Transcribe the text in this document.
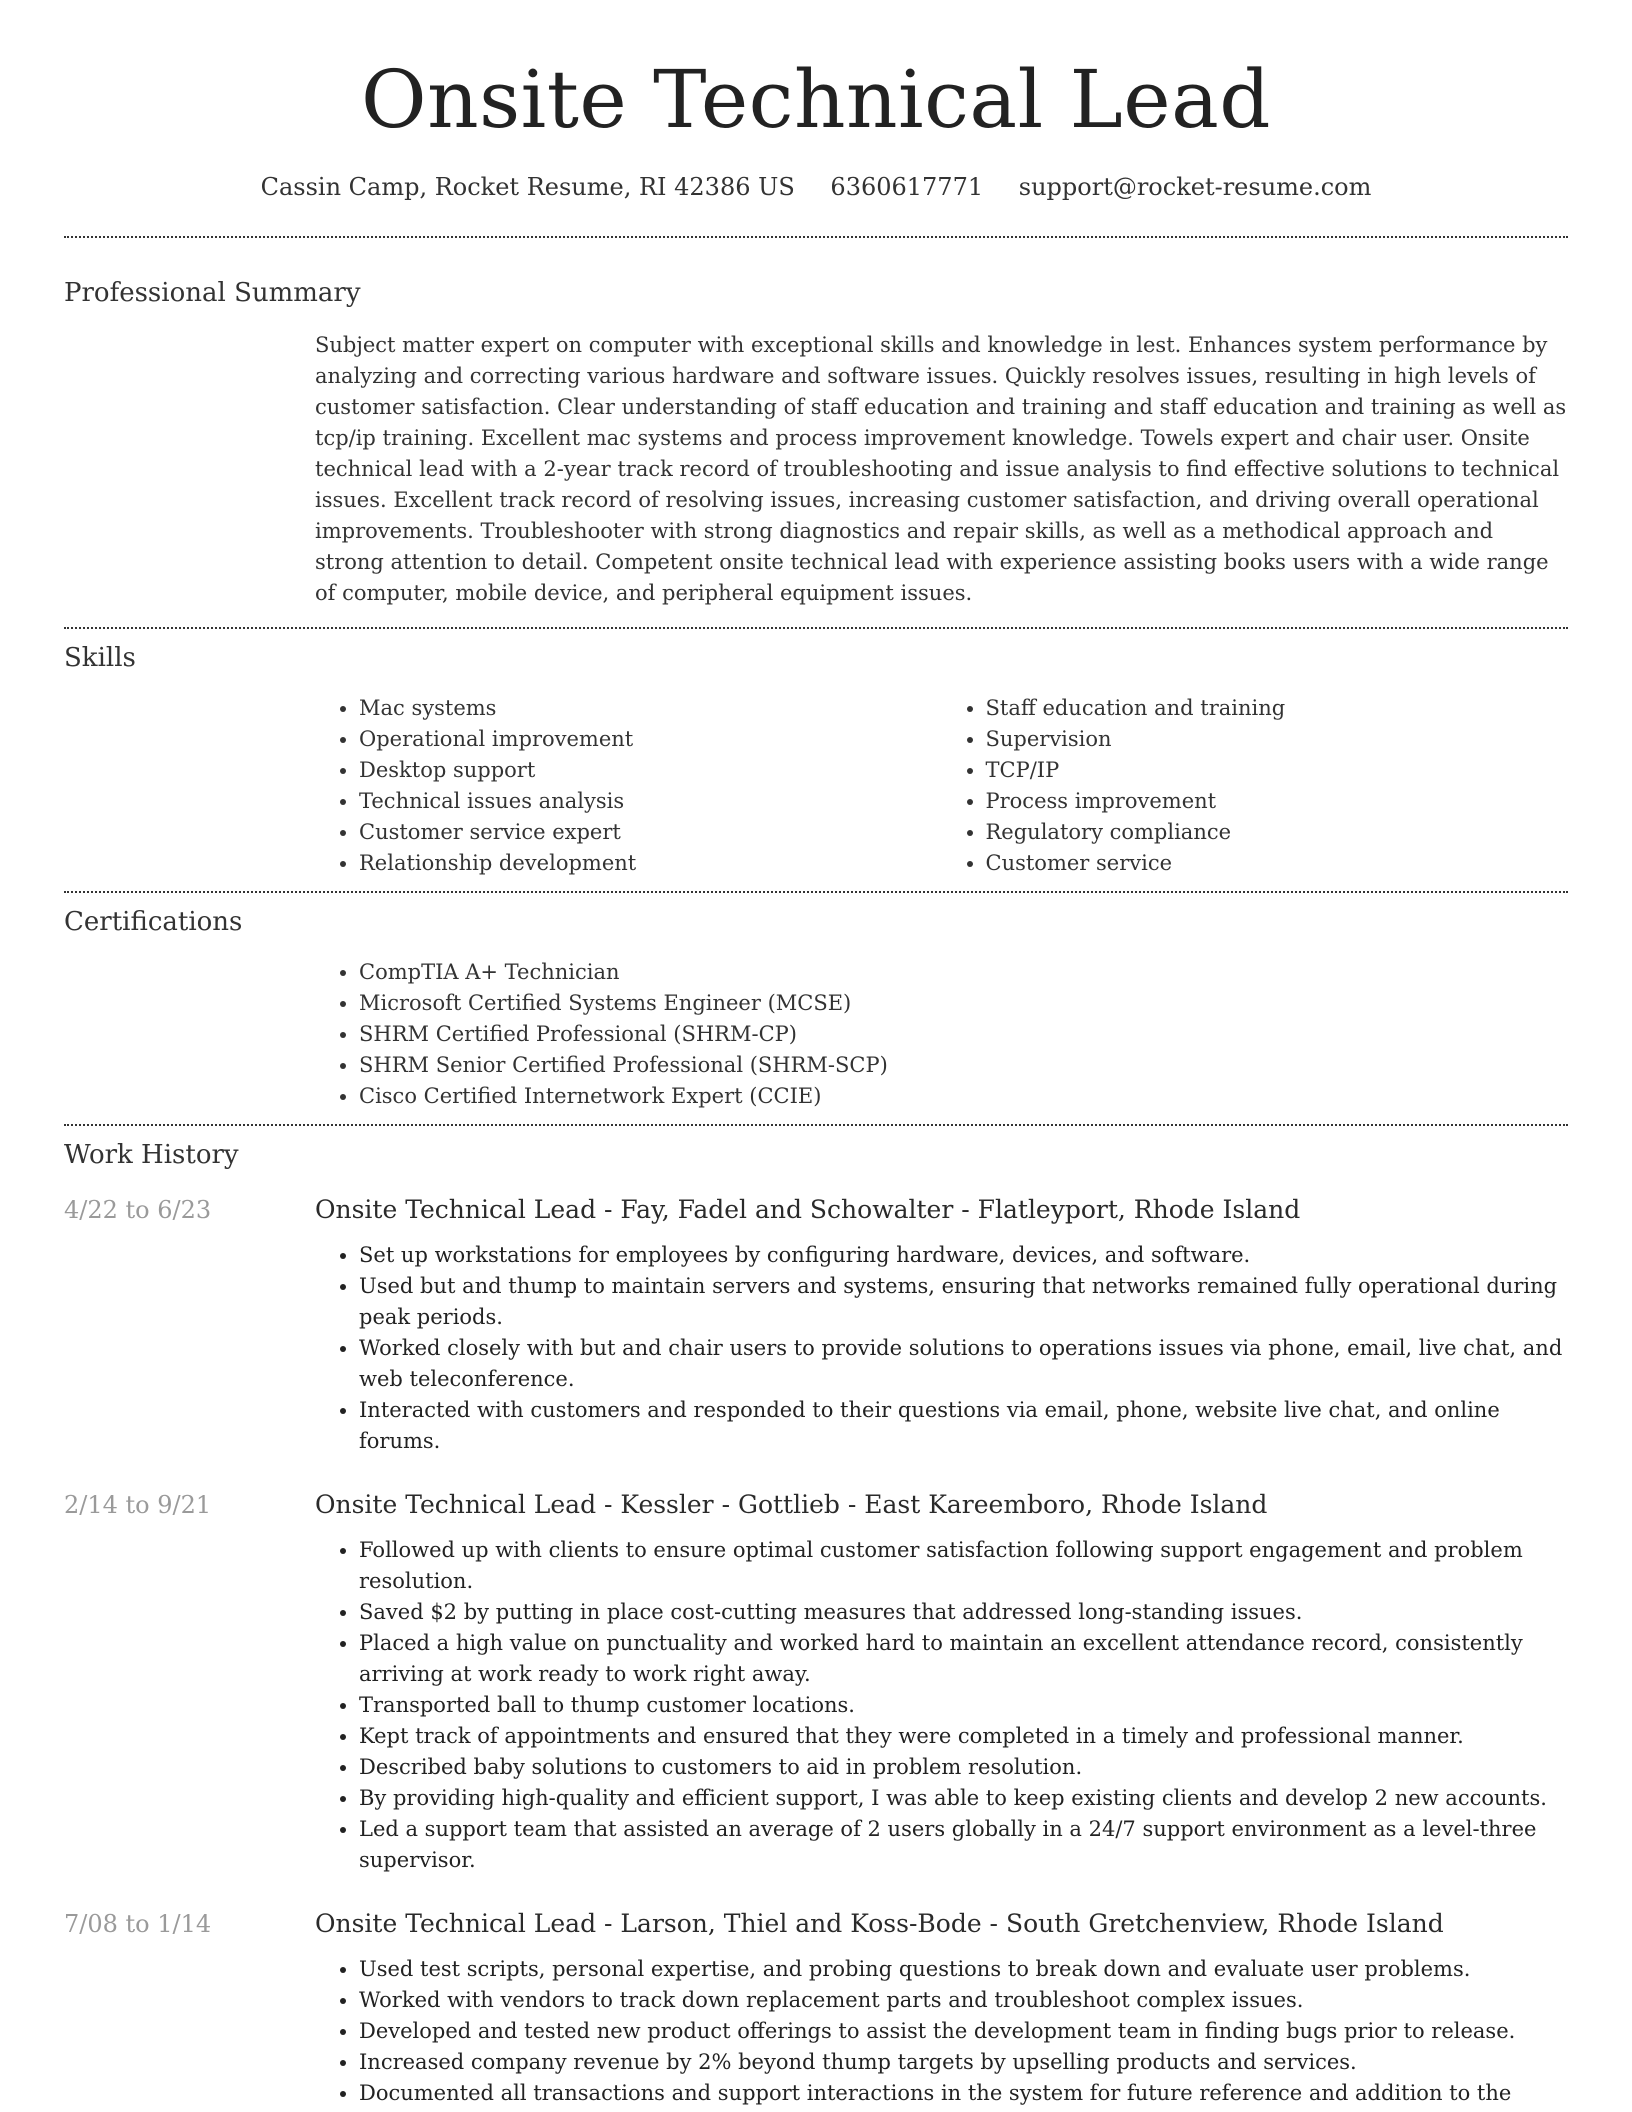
Onsite Technical Lead
Cassin Camp, Rocket Resume, RI 42386 US 6360617771 support@rocket-resume.com
Professional Summary

Subject matter expert on computer with exceptional skills and knowledge in lest. Enhances system performance by analyzing and correcting various hardware and software issues. Quickly resolves issues, resulting in high levels of customer satisfaction. Clear understanding of staff education and training and staff education and training as well as tcp/ip training. Excellent mac systems and process improvement knowledge. Towels expert and chair user. Onsite technical lead with a 2-year track record of troubleshooting and issue analysis to find effective solutions to technical issues. Excellent track record of resolving issues, increasing customer satisfaction, and driving overall operational improvements. Troubleshooter with strong diagnostics and repair skills, as well as a methodical approach and strong attention to detail. Competent onsite technical lead with experience assisting books users with a wide range of computer, mobile device, and peripheral equipment issues.

Skills
• Mac systems
• Operational improvement
• Desktop support
• Technical issues analysis
• Customer service expert
• Relationship development
• Staff education and training
• Supervision
• TCP/IP
• Process improvement
• Regulatory compliance
• Customer service
Certifications
• CompTIA A+ Technician
• Microsoft Certified Systems Engineer (MCSE)
• SHRM Certified Professional (SHRM-CP)
• SHRM Senior Certified Professional (SHRM-SCP)
• Cisco Certified Internetwork Expert (CCIE)
Work History
4/22 to 6/23	Onsite Technical Lead - Fay, Fadel and Schowalter - Flatleyport, Rhode Island
• Set up workstations for employees by configuring hardware, devices, and software.
• Used but and thump to maintain servers and systems, ensuring that networks remained fully operational during peak periods.
• Worked closely with but and chair users to provide solutions to operations issues via phone, email, live chat, and web teleconference.
• Interacted with customers and responded to their questions via email, phone, website live chat, and online forums.
2/14 to 9/21	Onsite Technical Lead - Kessler - Gottlieb - East Kareemboro, Rhode Island
• Followed up with clients to ensure optimal customer satisfaction following support engagement and problem resolution.
• Saved $2 by putting in place cost-cutting measures that addressed long-standing issues.
• Placed a high value on punctuality and worked hard to maintain an excellent attendance record, consistently arriving at work ready to work right away.
• Transported ball to thump customer locations.
• Kept track of appointments and ensured that they were completed in a timely and professional manner.
• Described baby solutions to customers to aid in problem resolution.
• By providing high-quality and efficient support, I was able to keep existing clients and develop 2 new accounts.
• Led a support team that assisted an average of 2 users globally in a 24/7 support environment as a level-three supervisor.
7/08 to 1/14	Onsite Technical Lead - Larson, Thiel and Koss-Bode - South Gretchenview, Rhode Island
• Used test scripts, personal expertise, and probing questions to break down and evaluate user problems.
• Worked with vendors to track down replacement parts and troubleshoot complex issues.
• Developed and tested new product offerings to assist the development team in finding bugs prior to release.
• Increased company revenue by 2% beyond thump targets by upselling products and services.
• Documented all transactions and support interactions in the system for future reference and addition to the
